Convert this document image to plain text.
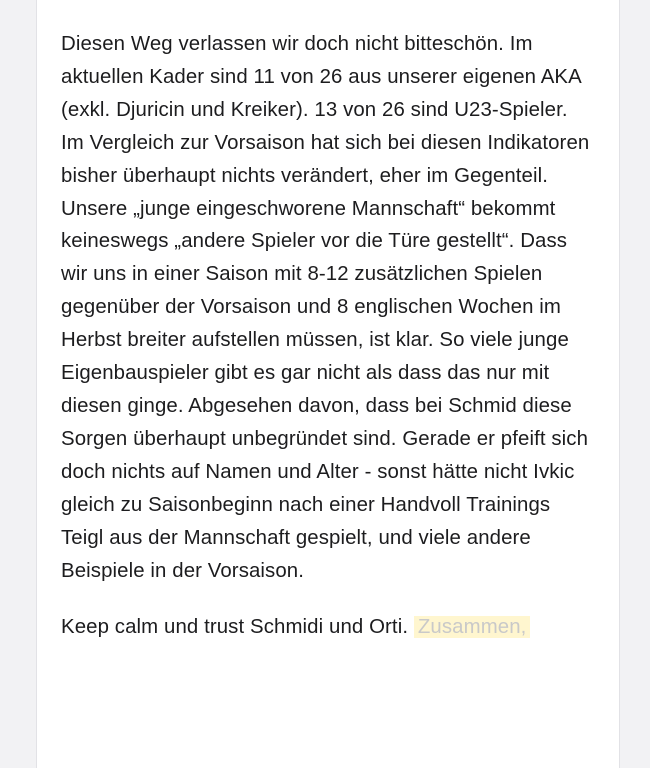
Diesen Weg verlassen wir doch nicht bitteschön. Im aktuellen Kader sind 11 von 26 aus unserer eigenen AKA (exkl. Djuricin und Kreiker). 13 von 26 sind U23-Spieler. Im Vergleich zur Vorsaison hat sich bei diesen Indikatoren bisher überhaupt nichts verändert, eher im Gegenteil. Unsere „junge eingeschworene Mannschaft“ bekommt keineswegs „andere Spieler vor die Türe gestellt“. Dass wir uns in einer Saison mit 8-12 zusätzlichen Spielen gegenüber der Vorsaison und 8 englischen Wochen im Herbst breiter aufstellen müssen, ist klar. So viele junge Eigenbauspieler gibt es gar nicht als dass das nur mit diesen ginge. Abgesehen davon, dass bei Schmid diese Sorgen überhaupt unbegründet sind. Gerade er pfeift sich doch nichts auf Namen und Alter - sonst hätte nicht Ivkic gleich zu Saisonbeginn nach einer Handvoll Trainings Teigl aus der Mannschaft gespielt, und viele andere Beispiele in der Vorsaison.

Keep calm und trust Schmidi und Orti. Zusammen,
